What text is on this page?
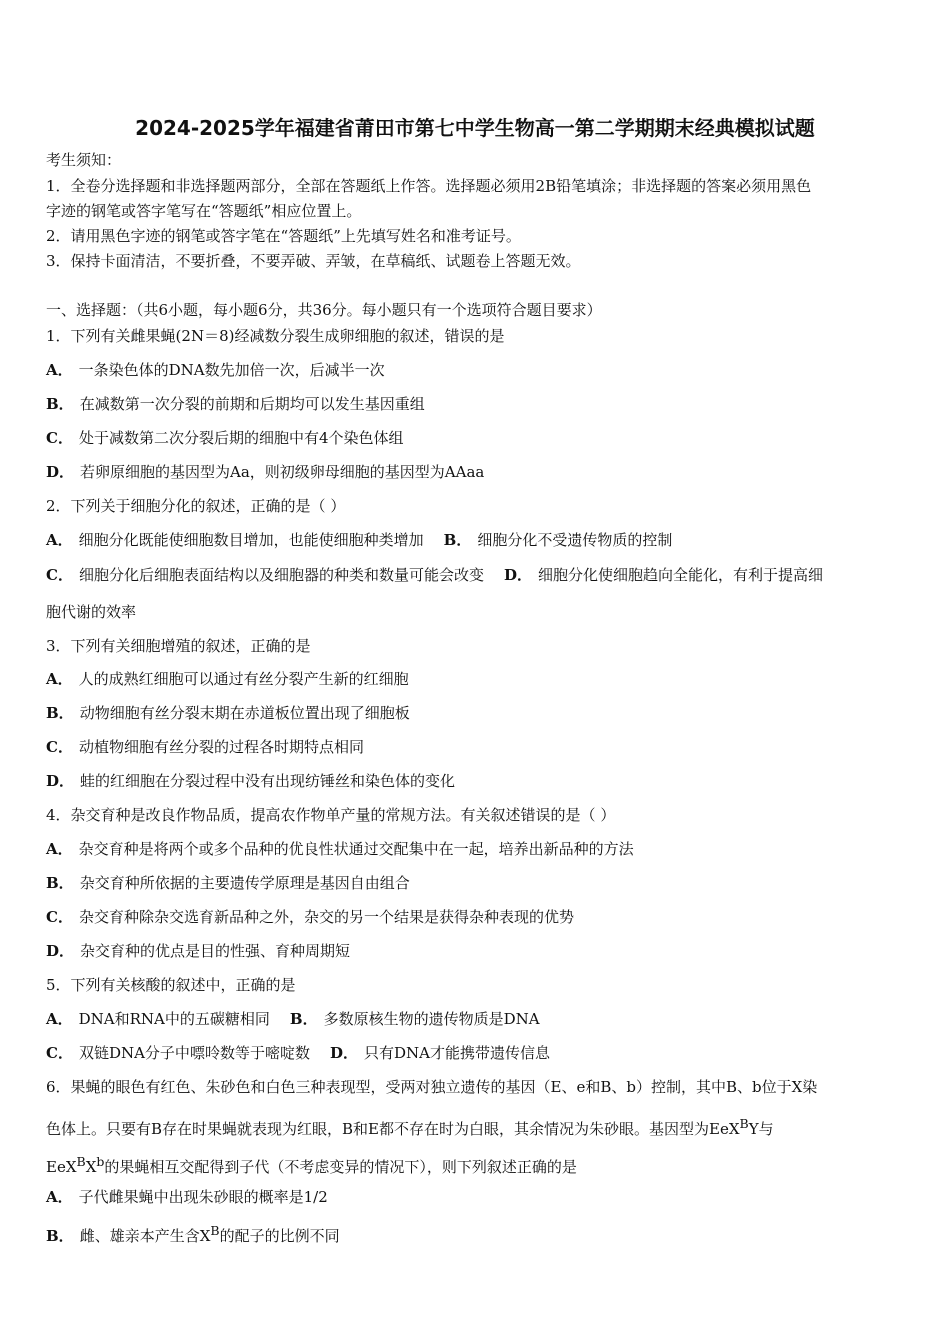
2024-2025学年福建省莆田市第七中学生物高一第二学期期末经典模拟试题
考生须知：
1．全卷分选择题和非选择题两部分，全部在答题纸上作答。选择题必须用2B铅笔填涂；非选择题的答案必须用黑色
字迹的钢笔或答字笔写在“答题纸”相应位置上。
2．请用黑色字迹的钢笔或答字笔在“答题纸”上先填写姓名和准考证号。
3．保持卡面清洁，不要折叠，不要弄破、弄皱，在草稿纸、试题卷上答题无效。
一、选择题：（共6小题，每小题6分，共36分。每小题只有一个选项符合题目要求）
1．下列有关雌果蝇(2N＝8)经减数分裂生成卵细胞的叙述，错误的是
A． 一条染色体的DNA数先加倍一次，后减半一次
B． 在减数第一次分裂的前期和后期均可以发生基因重组
C． 处于减数第二次分裂后期的细胞中有4个染色体组
D． 若卵原细胞的基因型为Aa，则初级卵母细胞的基因型为AAaa
2．下列关于细胞分化的叙述，正确的是（ ）
A． 细胞分化既能使细胞数目增加，也能使细胞种类增加 B． 细胞分化不受遗传物质的控制
C． 细胞分化后细胞表面结构以及细胞器的种类和数量可能会改变 D． 细胞分化使细胞趋向全能化，有利于提高细
胞代谢的效率
3．下列有关细胞增殖的叙述，正确的是
A． 人的成熟红细胞可以通过有丝分裂产生新的红细胞
B． 动物细胞有丝分裂末期在赤道板位置出现了细胞板
C． 动植物细胞有丝分裂的过程各时期特点相同
D． 蛙的红细胞在分裂过程中没有出现纺锤丝和染色体的变化
4．杂交育种是改良作物品质，提高农作物单产量的常规方法。有关叙述错误的是（ ）
A． 杂交育种是将两个或多个品种的优良性状通过交配集中在一起，培养出新品种的方法
B． 杂交育种所依据的主要遗传学原理是基因自由组合
C． 杂交育种除杂交选育新品种之外，杂交的另一个结果是获得杂种表现的优势
D． 杂交育种的优点是目的性强、育种周期短
5．下列有关核酸的叙述中，正确的是
A． DNA和RNA中的五碳糖相同 B． 多数原核生物的遗传物质是DNA
C． 双链DNA分子中嘌呤数等于嘧啶数 D． 只有DNA才能携带遗传信息
6．果蝇的眼色有红色、朱砂色和白色三种表现型，受两对独立遗传的基因（E、e和B、b）控制，其中B、b位于X染
色体上。只要有B存在时果蝇就表现为红眼，B和E都不存在时为白眼，其余情况为朱砂眼。基因型为EeX$^B$Y与
$EeX^BX^b$的果蝇相互交配得到子代（不考虑变异的情况下），则下列叙述正确的是
A． 子代雌果蝇中出现朱砂眼的概率是1/2
B． 雌、雄亲本产生含$X^B$的配子的比例不同
